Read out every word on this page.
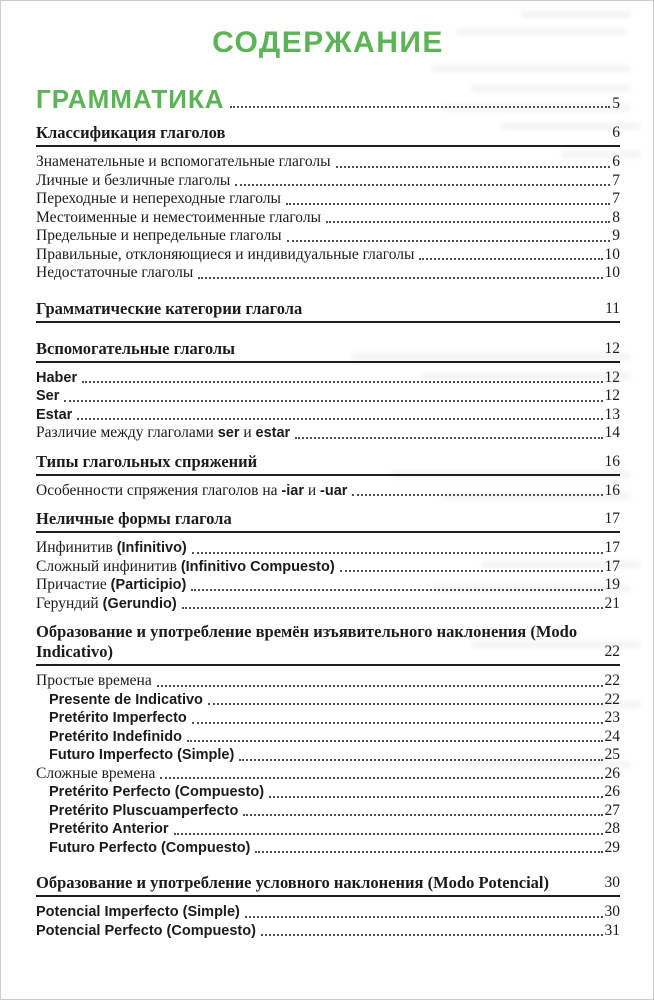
СОДЕРЖАНИЕ
ГРАММАТИКА	5
Классификация глаголов	6
Знаменательные и вспомогательные глаголы	6
Личные и безличные глаголы	7
Переходные и непереходные глаголы	7
Местоименные и неместоименные глаголы	8
Предельные и непредельные глаголы	9
Правильные, отклоняющиеся и индивидуальные глаголы	10
Недостаточные глаголы	10
Грамматические категории глагола	11
Вспомогательные глаголы	12
Haber	12
Ser	12
Estar	13
Различие между глаголами ser и estar	14
Типы глагольных спряжений	16
Особенности спряжения глаголов на -iar и -uar	16
Неличные формы глагола	17
Инфинитив (Infinitivo)	17
Сложный инфинитив (Infinitivo Compuesto)	17
Причастие (Participio)	19
Герундий (Gerundio)	21
Образование и употребление времён изъявительного наклонения (Modo Indicativo)	22
Простые времена	22
Presente de Indicativo	22
Pretérito Imperfecto	23
Pretérito Indefinido	24
Futuro Imperfecto (Simple)	25
Сложные времена	26
Pretérito Perfecto (Compuesto)	26
Pretérito Pluscuamperfecto	27
Pretérito Anterior	28
Futuro Perfecto (Compuesto)	29
Образование и употребление условного наклонения (Modo Potencial)	30
Potencial Imperfecto (Simple)	30
Potencial Perfecto (Compuesto)	31
